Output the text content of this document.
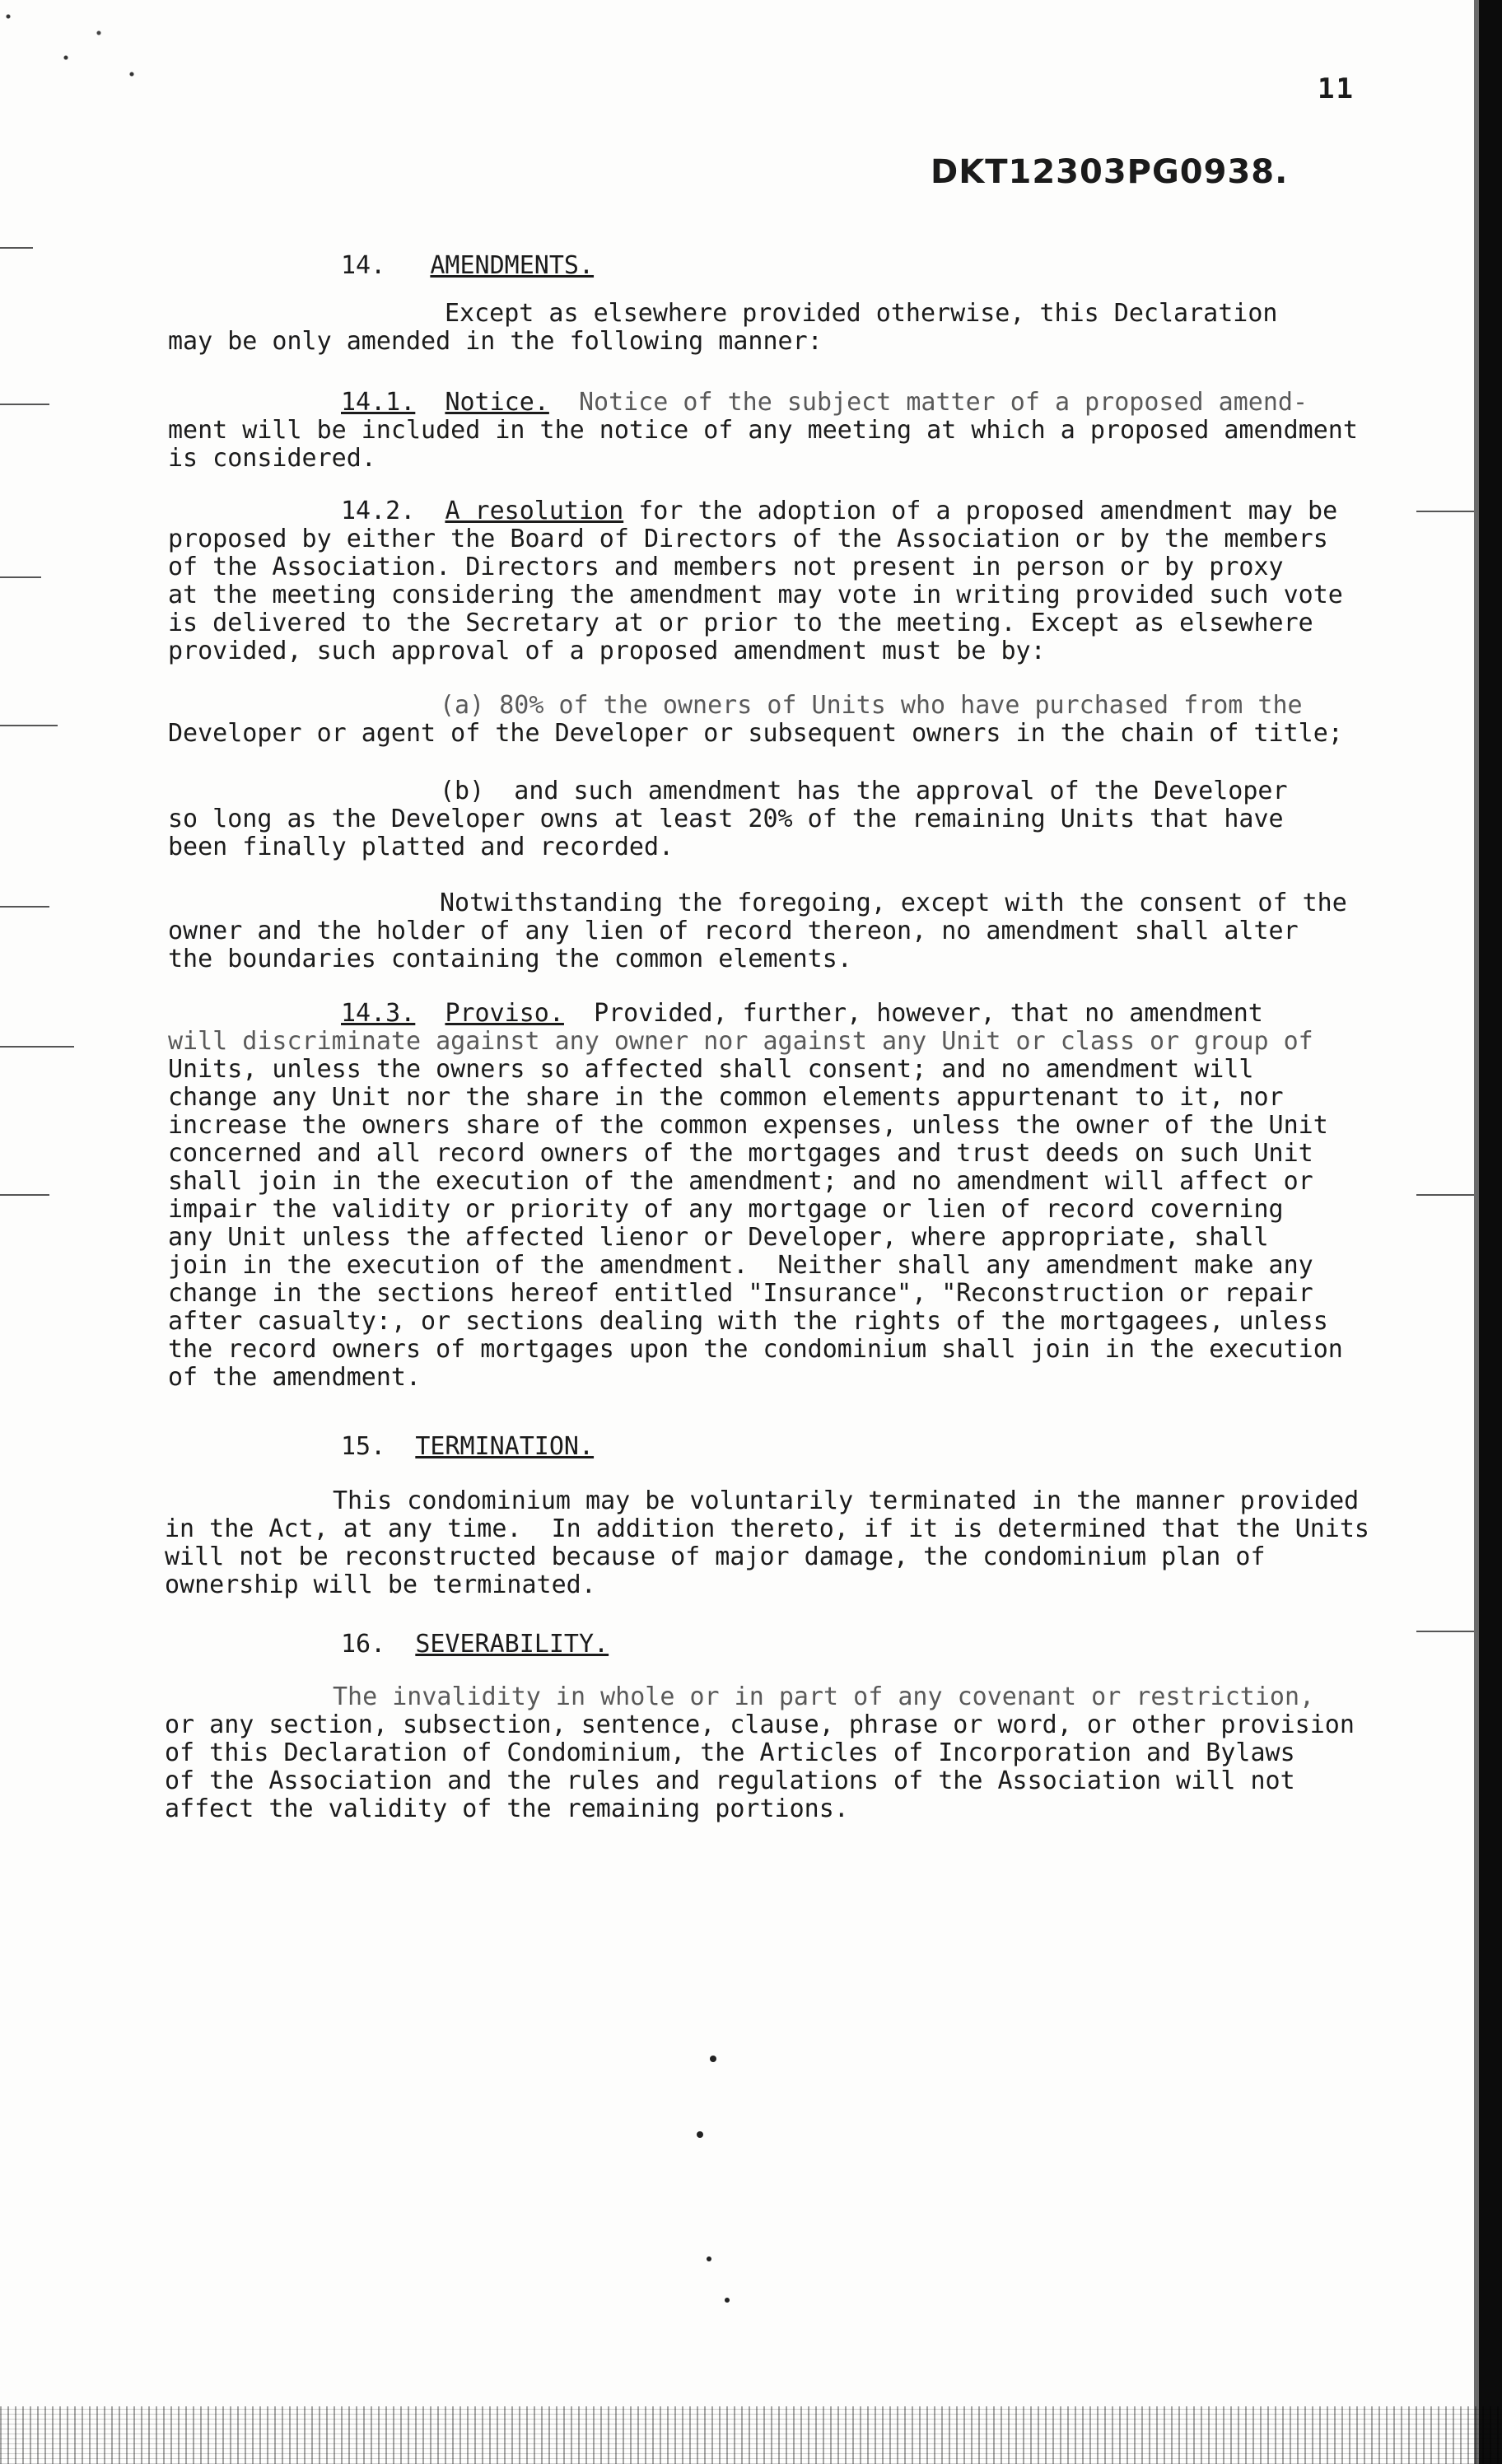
11
DKT12303PG0938.
14. AMENDMENTS.
Except as elsewhere provided otherwise, this Declaration
may be only amended in the following manner:
14.1. Notice. Notice of the subject matter of a proposed amend-
ment will be included in the notice of any meeting at which a proposed amendment
is considered.
14.2. A resolution for the adoption of a proposed amendment may be
proposed by either the Board of Directors of the Association or by the members
of the Association. Directors and members not present in person or by proxy
at the meeting considering the amendment may vote in writing provided such vote
is delivered to the Secretary at or prior to the meeting. Except as elsewhere
provided, such approval of a proposed amendment must be by:
(a) 80% of the owners of Units who have purchased from the
Developer or agent of the Developer or subsequent owners in the chain of title;
(b)  and such amendment has the approval of the Developer
so long as the Developer owns at least 20% of the remaining Units that have
been finally platted and recorded.
Notwithstanding the foregoing, except with the consent of the
owner and the holder of any lien of record thereon, no amendment shall alter
the boundaries containing the common elements.
14.3. Proviso. Provided, further, however, that no amendment
will discriminate against any owner nor against any Unit or class or group of
Units, unless the owners so affected shall consent; and no amendment will
change any Unit nor the share in the common elements appurtenant to it, nor
increase the owners share of the common expenses, unless the owner of the Unit
concerned and all record owners of the mortgages and trust deeds on such Unit
shall join in the execution of the amendment; and no amendment will affect or
impair the validity or priority of any mortgage or lien of record coverning
any Unit unless the affected lienor or Developer, where appropriate, shall
join in the execution of the amendment.  Neither shall any amendment make any
change in the sections hereof entitled "Insurance", "Reconstruction or repair
after casualty:, or sections dealing with the rights of the mortgagees, unless
the record owners of mortgages upon the condominium shall join in the execution
of the amendment.
15. TERMINATION.
This condominium may be voluntarily terminated in the manner provided
in the Act, at any time.  In addition thereto, if it is determined that the Units
will not be reconstructed because of major damage, the condominium plan of
ownership will be terminated.
16. SEVERABILITY.
The invalidity in whole or in part of any covenant or restriction,
or any section, subsection, sentence, clause, phrase or word, or other provision
of this Declaration of Condominium, the Articles of Incorporation and Bylaws
of the Association and the rules and regulations of the Association will not
affect the validity of the remaining portions.
